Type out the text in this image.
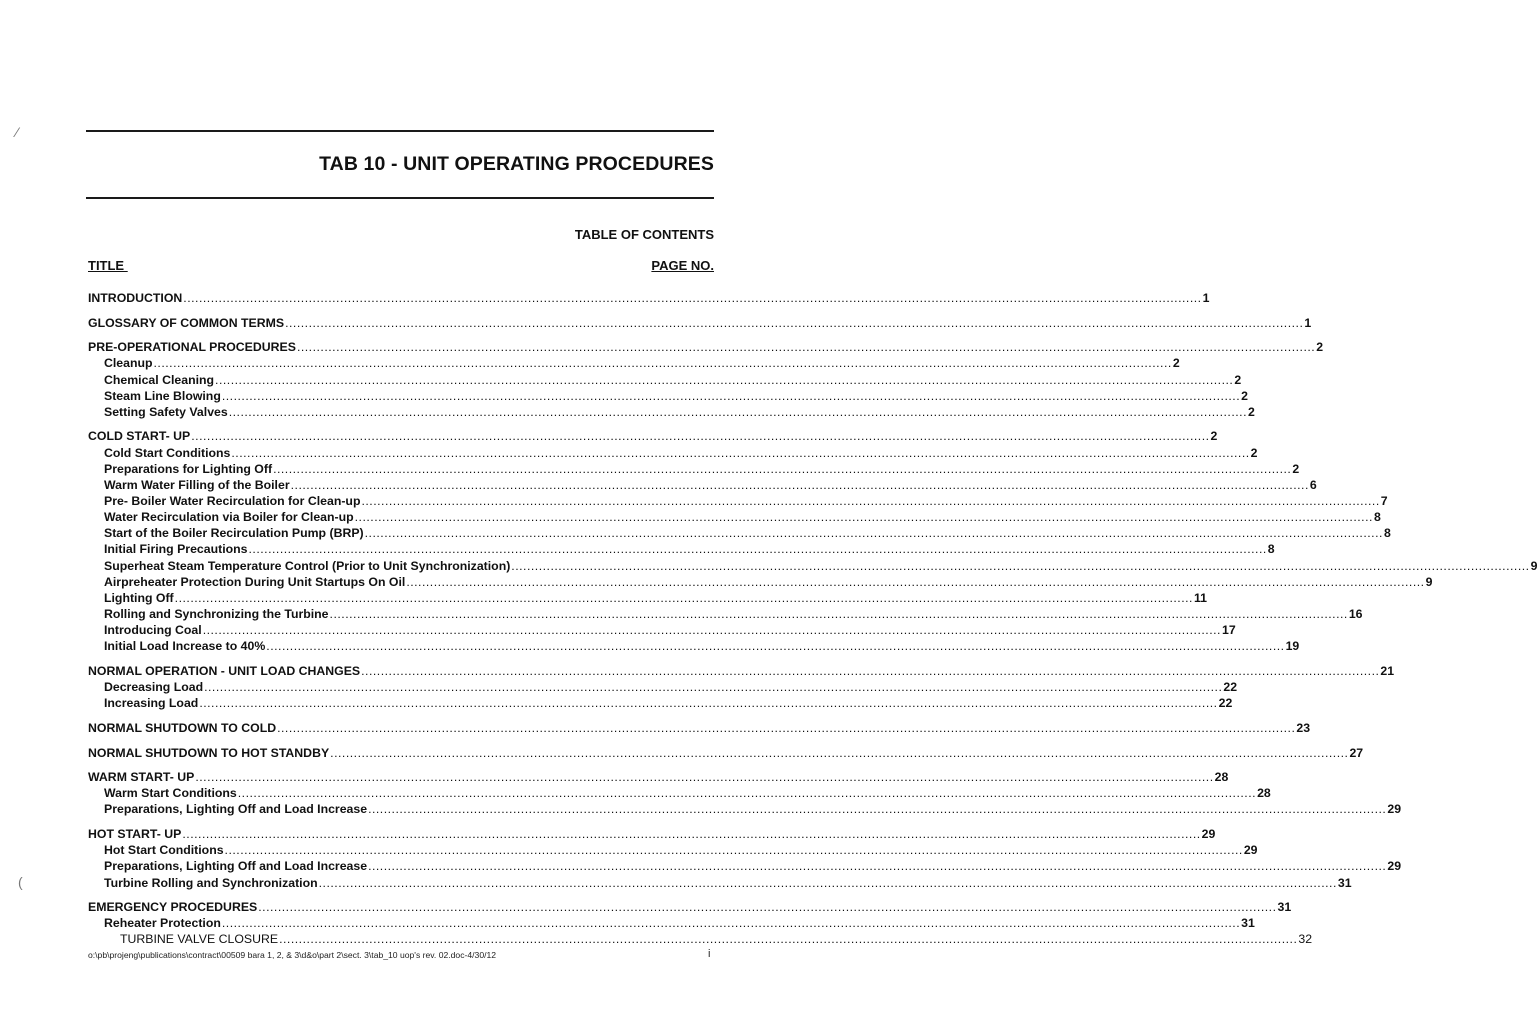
TAB 10 - UNIT OPERATING PROCEDURES
TABLE OF CONTENTS
TITLE	PAGE NO.
INTRODUCTION .................................................................................................................................................................................................................................................................... 1
GLOSSARY OF COMMON TERMS .................................................................................................................................................................................................................................................................... 1
PRE-OPERATIONAL PROCEDURES .................................................................................................................................................................................................................................................................... 2
Cleanup .................................................................................................................................................................................................................................................................... 2
Chemical Cleaning .................................................................................................................................................................................................................................................................... 2
Steam Line Blowing .................................................................................................................................................................................................................................................................... 2
Setting Safety Valves .................................................................................................................................................................................................................................................................... 2
COLD START- UP .................................................................................................................................................................................................................................................................... 2
Cold Start Conditions .................................................................................................................................................................................................................................................................... 2
Preparations for Lighting Off .................................................................................................................................................................................................................................................................... 2
Warm Water Filling of the Boiler .................................................................................................................................................................................................................................................................... 6
Pre- Boiler Water Recirculation for Clean-up .................................................................................................................................................................................................................................................................... 7
Water Recirculation via Boiler for Clean-up .................................................................................................................................................................................................................................................................... 8
Start of the Boiler Recirculation Pump (BRP) .................................................................................................................................................................................................................................................................... 8
Initial Firing Precautions .................................................................................................................................................................................................................................................................... 8
Superheat Steam Temperature Control (Prior to Unit Synchronization) .................................................................................................................................................................................................................................................................... 9
Airpreheater Protection During Unit Startups On Oil .................................................................................................................................................................................................................................................................... 9
Lighting Off .................................................................................................................................................................................................................................................................... 11
Rolling and Synchronizing the Turbine .................................................................................................................................................................................................................................................................... 16
Introducing Coal .................................................................................................................................................................................................................................................................... 17
Initial Load Increase to 40% .................................................................................................................................................................................................................................................................... 19
NORMAL OPERATION - UNIT LOAD CHANGES .................................................................................................................................................................................................................................................................... 21
Decreasing Load .................................................................................................................................................................................................................................................................... 22
Increasing Load .................................................................................................................................................................................................................................................................... 22
NORMAL SHUTDOWN TO COLD .................................................................................................................................................................................................................................................................... 23
NORMAL SHUTDOWN TO HOT STANDBY .................................................................................................................................................................................................................................................................... 27
WARM START- UP .................................................................................................................................................................................................................................................................... 28
Warm Start Conditions .................................................................................................................................................................................................................................................................... 28
Preparations, Lighting Off and Load Increase .................................................................................................................................................................................................................................................................... 29
HOT START- UP .................................................................................................................................................................................................................................................................... 29
Hot Start Conditions .................................................................................................................................................................................................................................................................... 29
Preparations, Lighting Off and Load Increase .................................................................................................................................................................................................................................................................... 29
Turbine Rolling and Synchronization .................................................................................................................................................................................................................................................................... 31
EMERGENCY PROCEDURES .................................................................................................................................................................................................................................................................... 31
Reheater Protection .................................................................................................................................................................................................................................................................... 31
TURBINE VALVE CLOSURE .................................................................................................................................................................................................................................................................... 32
o:\pb\projeng\publications\contract\00509 bara 1, 2, & 3\d&o\part 2\sect. 3\tab_10 uop's rev. 02.doc-4/30/12	i
⁄
(
